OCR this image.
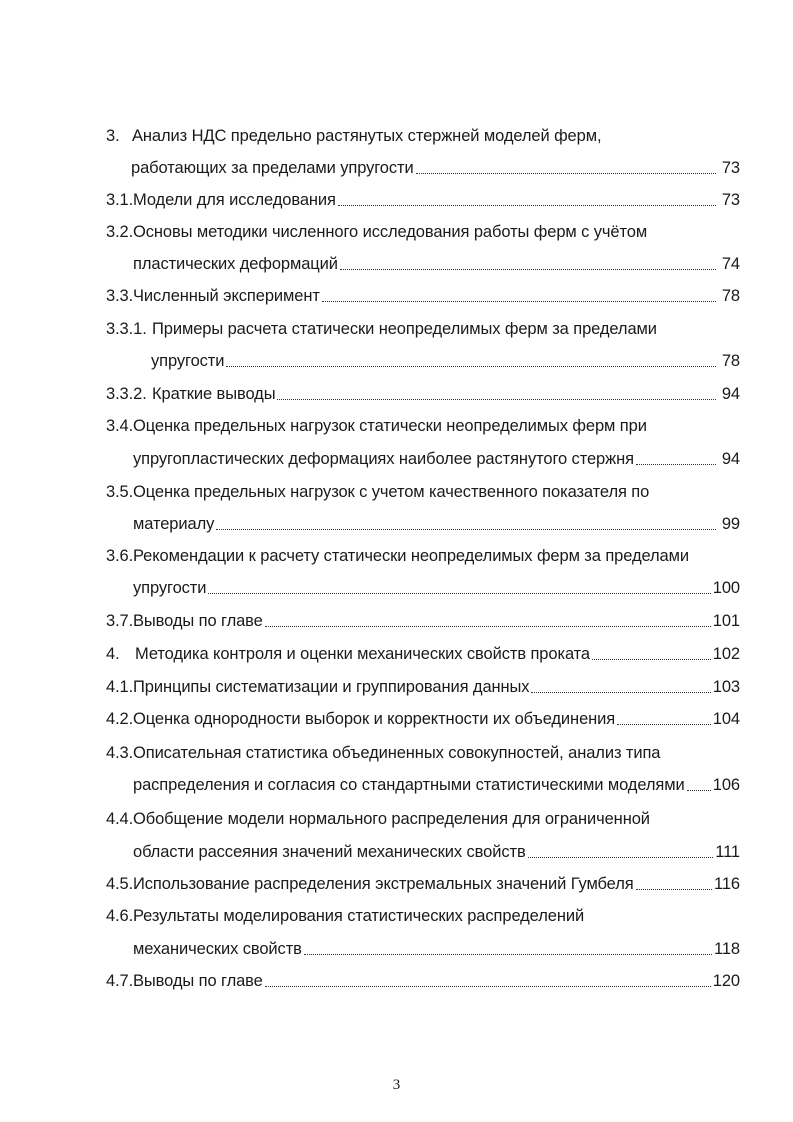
3. Анализ НДС предельно растянутых стержней моделей ферм,
работающих за пределами упругости	73
3.1. Модели для исследования	73
3.2. Основы методики численного исследования работы ферм с учётом
пластических деформаций	74
3.3. Численный эксперимент	78
3.3.1. Примеры расчета статически неопределимых ферм за пределами
упругости	78
3.3.2. Краткие выводы	94
3.4. Оценка предельных нагрузок статически неопределимых ферм при
упругопластических деформациях наиболее растянутого стержня	94
3.5. Оценка предельных нагрузок с учетом качественного показателя по
материалу	99
3.6. Рекомендации к расчету статически неопределимых ферм за пределами
упругости	100
3.7. Выводы по главе	101
4. Методика контроля и оценки механических свойств проката	102
4.1. Принципы систематизации и группирования данных	103
4.2. Оценка однородности выборок и корректности их объединения	104
4.3. Описательная статистика объединенных совокупностей, анализ типа
распределения и согласия со стандартными статистическими моделями 106
4.4. Обобщение модели нормального распределения для ограниченной
области рассеяния значений механических свойств	111
4.5. Использование распределения экстремальных значений Гумбеля	116
4.6. Результаты моделирования статистических распределений
механических свойств	118
4.7. Выводы по главе	120
3
